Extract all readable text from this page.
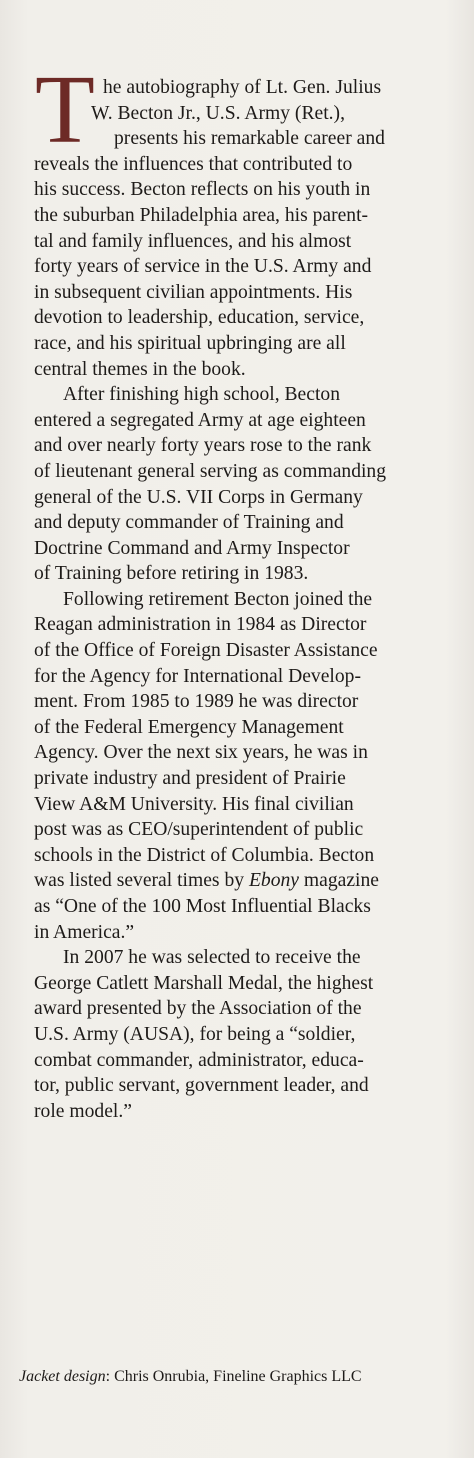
T he autobiography of Lt. Gen. Julius
W. Becton Jr., U.S. Army (Ret.),
presents his remarkable career and
reveals the influences that contributed to
his success. Becton reflects on his youth in
the suburban Philadelphia area, his parent-
tal and family influences, and his almost
forty years of service in the U.S. Army and
in subsequent civilian appointments. His
devotion to leadership, education, service,
race, and his spiritual upbringing are all
central themes in the book.
After finishing high school, Becton
entered a segregated Army at age eighteen
and over nearly forty years rose to the rank
of lieutenant general serving as commanding
general of the U.S. VII Corps in Germany
and deputy commander of Training and
Doctrine Command and Army Inspector
of Training before retiring in 1983.
Following retirement Becton joined the
Reagan administration in 1984 as Director
of the Office of Foreign Disaster Assistance
for the Agency for International Develop-
ment. From 1985 to 1989 he was director
of the Federal Emergency Management
Agency. Over the next six years, he was in
private industry and president of Prairie
View A&M University. His final civilian
post was as CEO/superintendent of public
schools in the District of Columbia. Becton
was listed several times by Ebony magazine
as “One of the 100 Most Influential Blacks
in America.”
In 2007 he was selected to receive the
George Catlett Marshall Medal, the highest
award presented by the Association of the
U.S. Army (AUSA), for being a “soldier,
combat commander, administrator, educa-
tor, public servant, government leader, and
role model.”
Jacket design: Chris Onrubia, Fineline Graphics LLC
